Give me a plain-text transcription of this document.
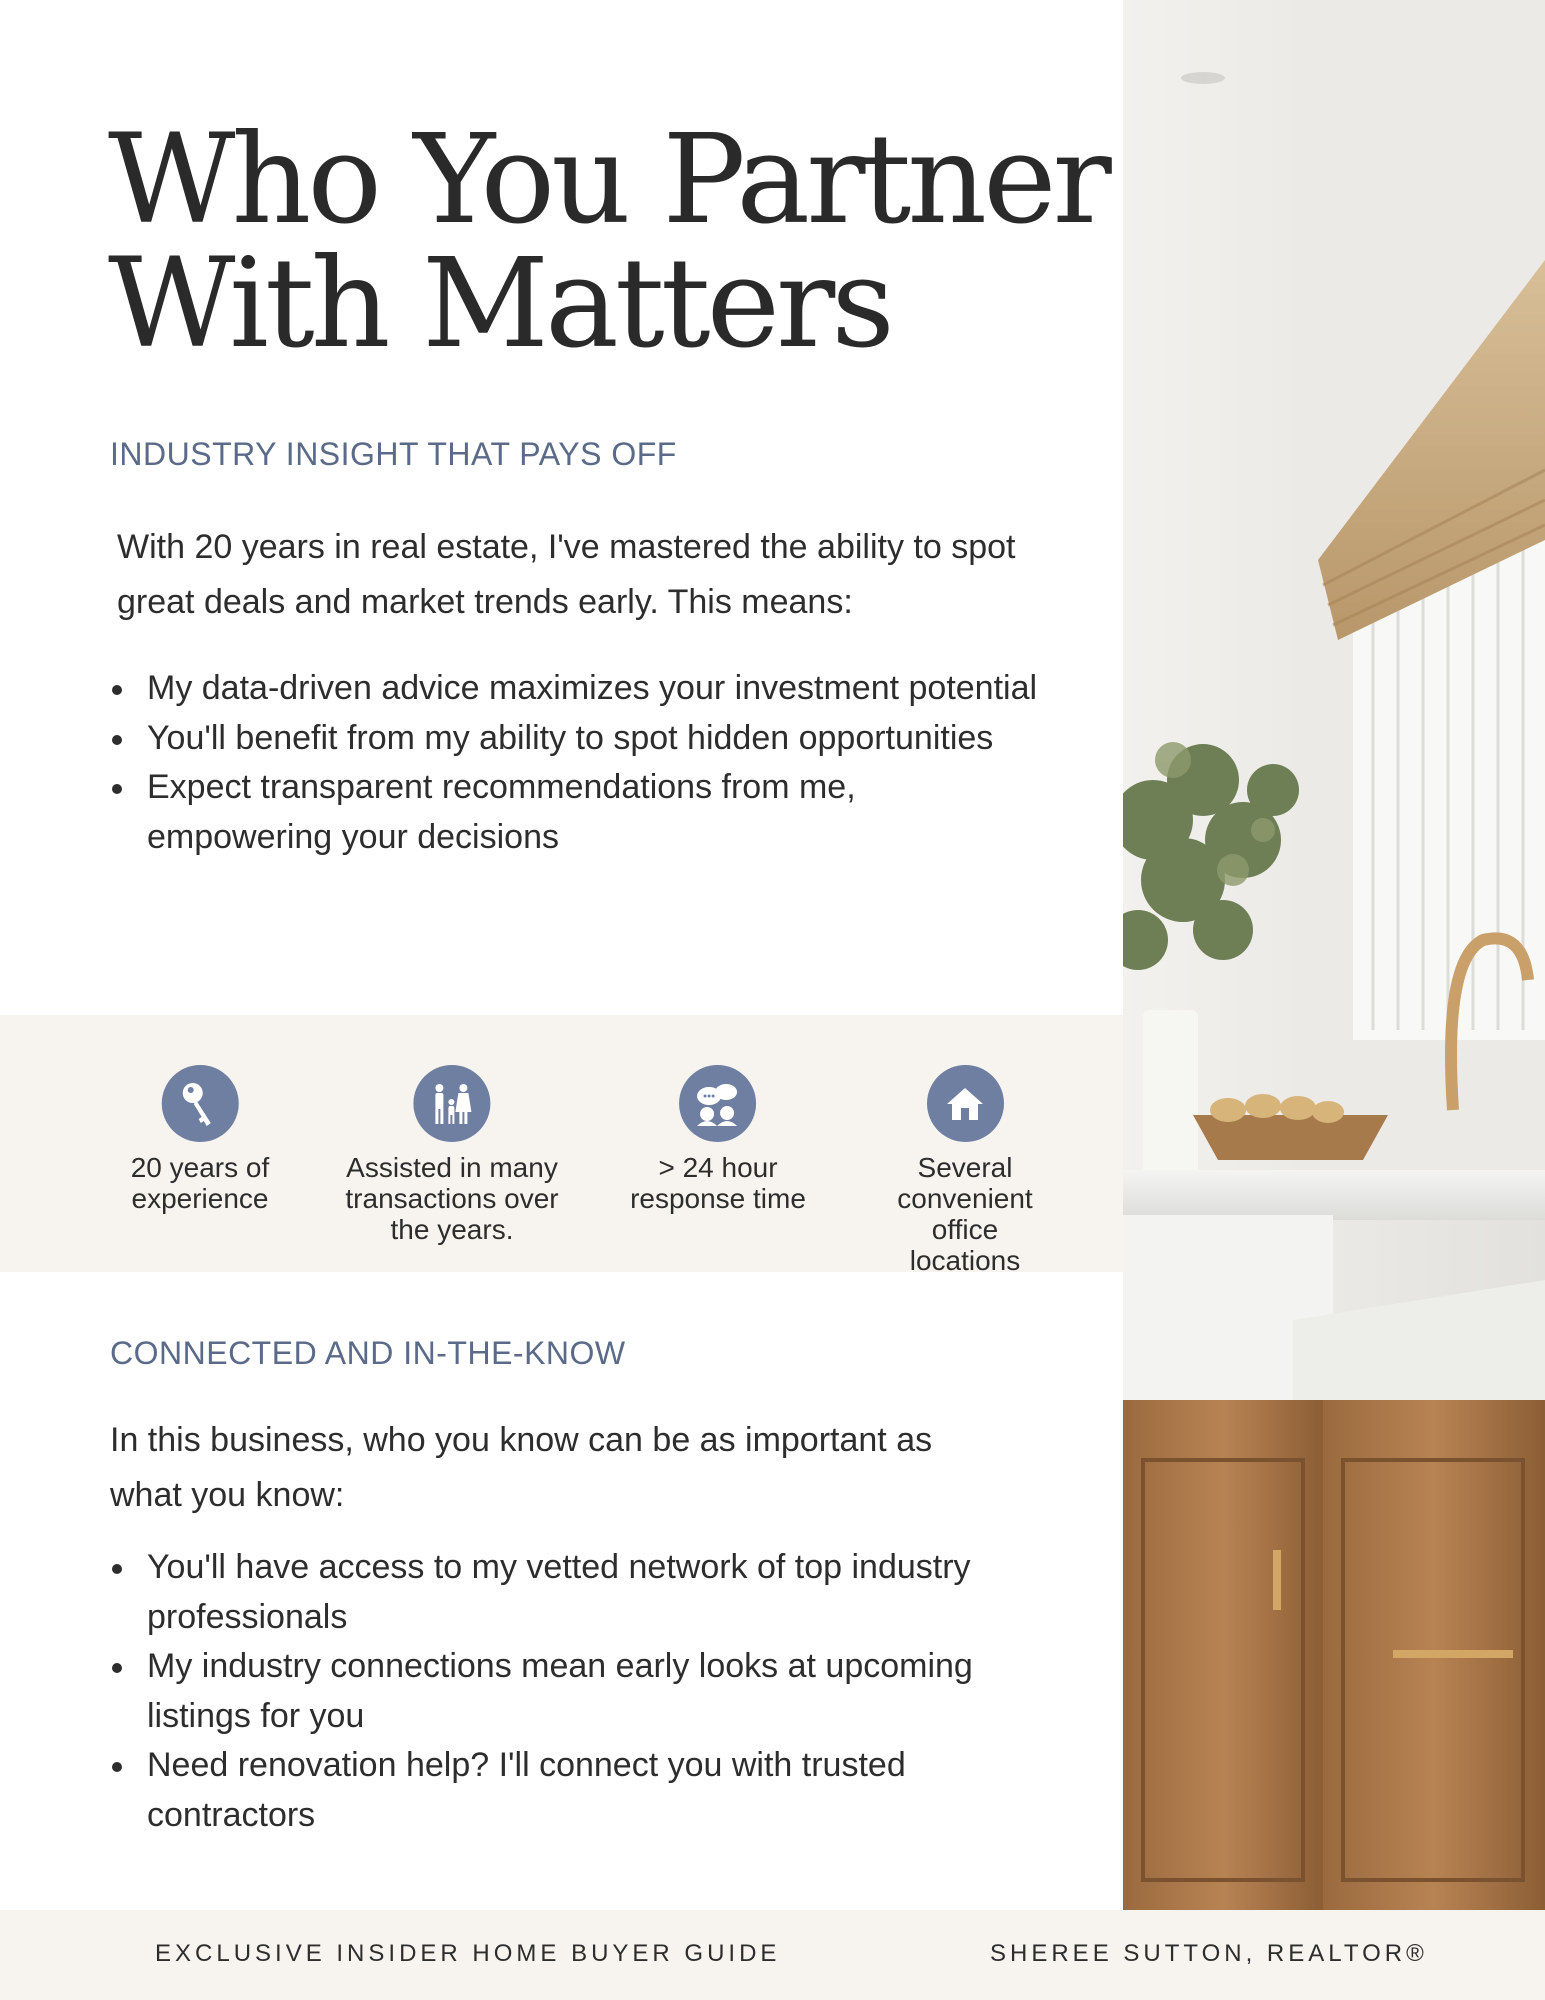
Who You Partner
With Matters
INDUSTRY INSIGHT THAT PAYS OFF

With 20 years in real estate, I've mastered the ability to spot great deals and market trends early. This means:

My data-driven advice maximizes your investment potential
You'll benefit from my ability to spot hidden opportunities
Expect transparent recommendations from me, empowering your decisions
20 years of
experience
Assisted in many
transactions over
the years.
> 24 hour
response time
Several
convenient
office locations
CONNECTED AND IN-THE-KNOW

In this business, who you know can be as important as what you know:

You'll have access to my vetted network of top industry professionals
My industry connections mean early looks at upcoming listings for you
Need renovation help? I'll connect you with trusted contractors
EXCLUSIVE INSIDER HOME BUYER GUIDE	SHEREE SUTTON, REALTOR®
